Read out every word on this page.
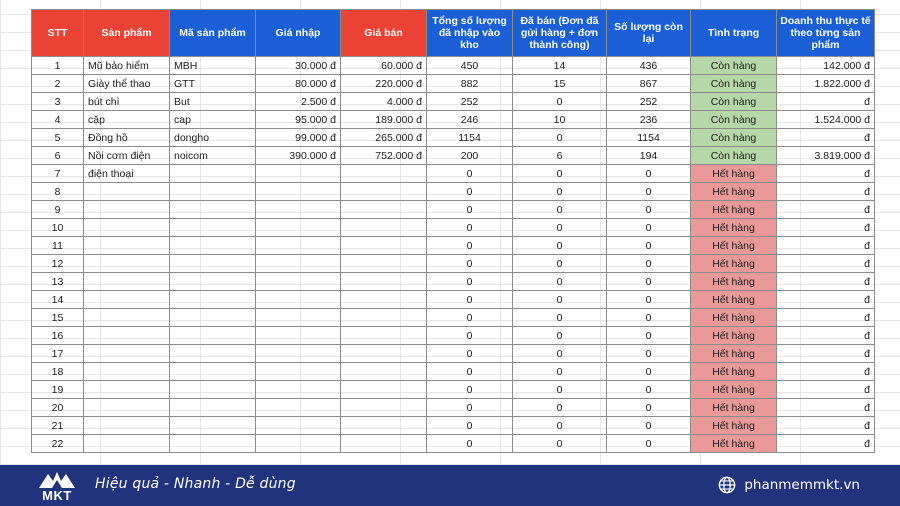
STT	Sản phẩm	Mã sản phẩm	Giá nhập	Giá bán	Tổng số lượng đã nhập vào kho	Đã bán (Đơn đã gửi hàng + đơn thành công)	Số lượng còn lại	Tình trạng	Doanh thu thực tế theo từng sản phẩm
1	Mũ bảo hiểm	MBH	30.000 đ	60.000 đ	450	14	436	Còn hàng	142.000 đ
2	Giày thể thao	GTT	80.000 đ	220.000 đ	882	15	867	Còn hàng	1.822.000 đ
3	bút chì	But	2.500 đ	4.000 đ	252	0	252	Còn hàng	đ
4	cặp	cap	95.000 đ	189.000 đ	246	10	236	Còn hàng	1.524.000 đ
5	Đồng hồ	dongho	99.000 đ	265.000 đ	1154	0	1154	Còn hàng	đ
6	Nồi cơm điện	noicom	390.000 đ	752.000 đ	200	6	194	Còn hàng	3.819.000 đ
7	điện thoại				0	0	0	Hết hàng	đ
8					0	0	0	Hết hàng	đ
9					0	0	0	Hết hàng	đ
10					0	0	0	Hết hàng	đ
11					0	0	0	Hết hàng	đ
12					0	0	0	Hết hàng	đ
13					0	0	0	Hết hàng	đ
14					0	0	0	Hết hàng	đ
15					0	0	0	Hết hàng	đ
16					0	0	0	Hết hàng	đ
17					0	0	0	Hết hàng	đ
18					0	0	0	Hết hàng	đ
19					0	0	0	Hết hàng	đ
20					0	0	0	Hết hàng	đ
21					0	0	0	Hết hàng	đ
22					0	0	0	Hết hàng	đ
MKT
Hiệu quả - Nhanh - Dễ dùng	phanmemmkt.vn
